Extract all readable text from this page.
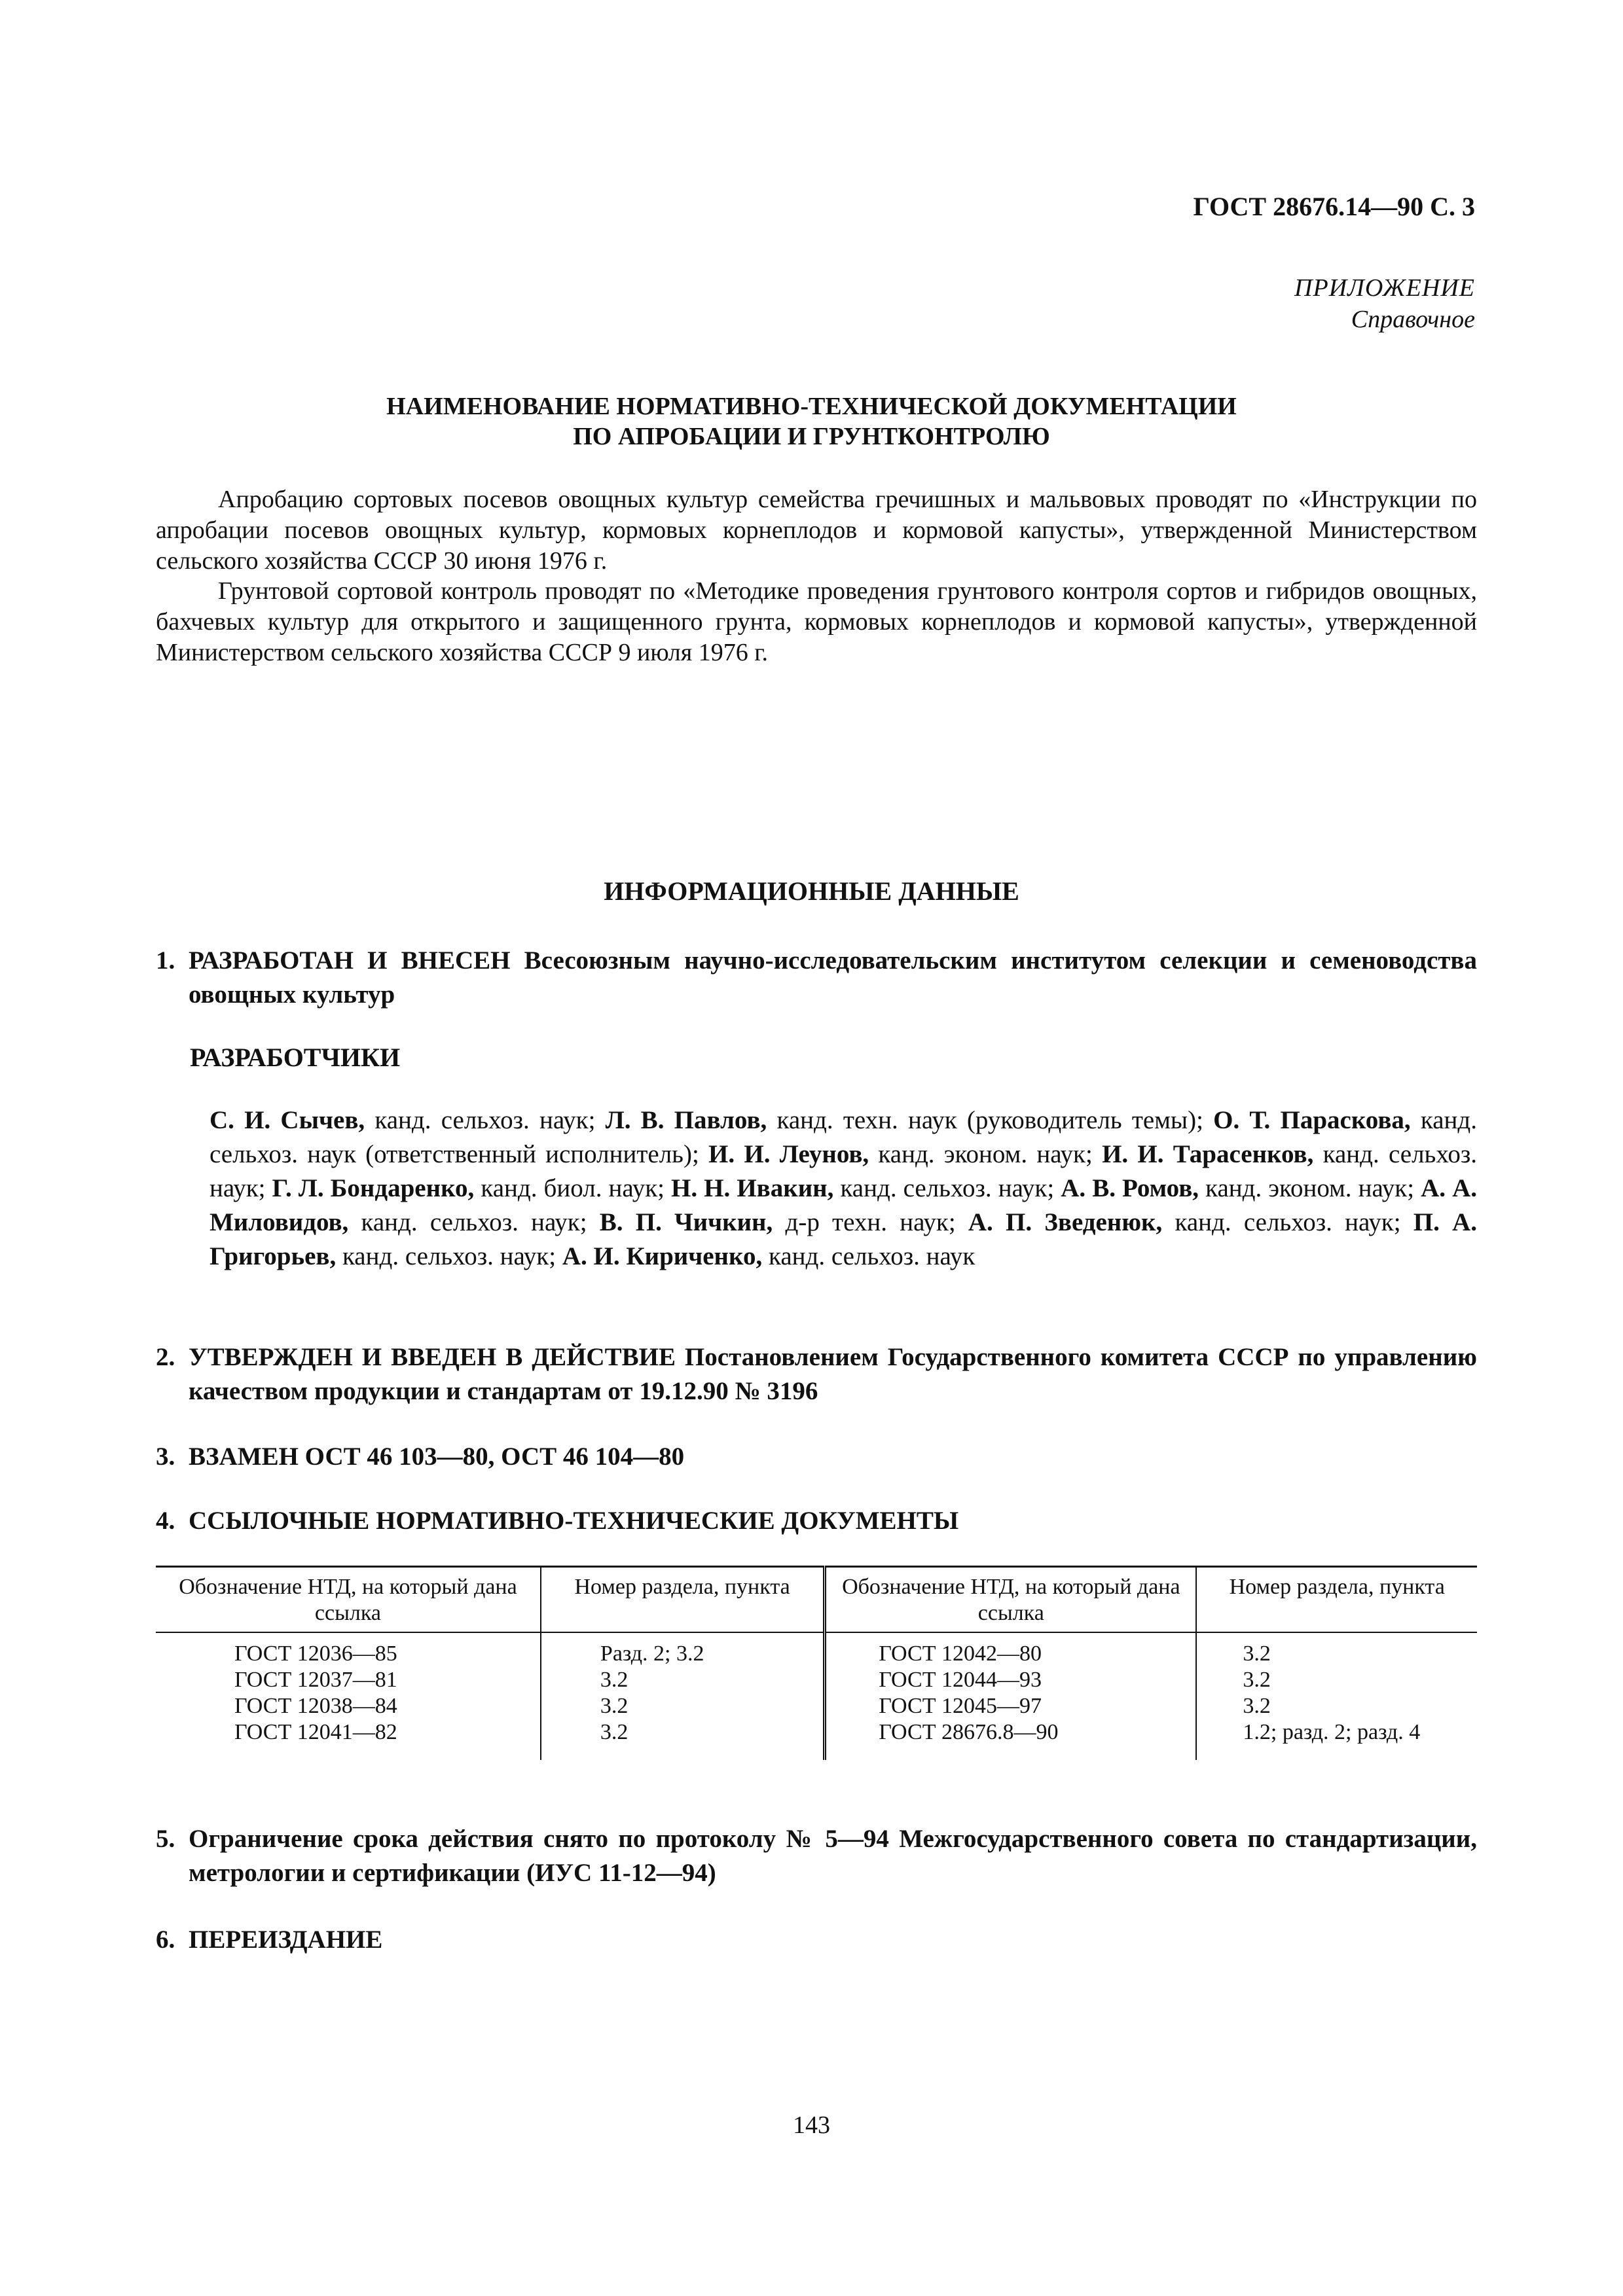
ГОСТ 28676.14—90 С. 3
ПРИЛОЖЕНИЕ
Справочное
НАИМЕНОВАНИЕ НОРМАТИВНО-ТЕХНИЧЕСКОЙ ДОКУМЕНТАЦИИ
ПО АПРОБАЦИИ И ГРУНТКОНТРОЛЮ
Апробацию сортовых посевов овощных культур семейства гречишных и мальвовых проводят по «Инструкции по апробации посевов овощных культур, кормовых корнеплодов и кормовой капусты», утвержденной Министерством сельского хозяйства СССР 30 июня 1976 г.
Грунтовой сортовой контроль проводят по «Методике проведения грунтового контроля сортов и гибридов овощных, бахчевых культур для открытого и защищенного грунта, кормовых корнеплодов и кормовой капусты», утвержденной Министерством сельского хозяйства СССР 9 июля 1976 г.
ИНФОРМАЦИОННЫЕ ДАННЫЕ
1. РАЗРАБОТАН И ВНЕСЕН Всесоюзным научно-исследовательским институтом селекции и семеноводства овощных культур
РАЗРАБОТЧИКИ
С. И. Сычев, канд. сельхоз. наук; Л. В. Павлов, канд. техн. наук (руководитель темы); О. Т. Параскова, канд. сельхоз. наук (ответственный исполнитель); И. И. Леунов, канд. эконом. наук; И. И. Тарасенков, канд. сельхоз. наук; Г. Л. Бондаренко, канд. биол. наук; Н. Н. Ивакин, канд. сельхоз. наук; А. В. Ромов, канд. эконом. наук; А. А. Миловидов, канд. сельхоз. наук; В. П. Чичкин, д-р техн. наук; А. П. Зведенюк, канд. сельхоз. наук; П. А. Григорьев, канд. сельхоз. наук; А. И. Кириченко, канд. сельхоз. наук
2. УТВЕРЖДЕН И ВВЕДЕН В ДЕЙСТВИЕ Постановлением Государственного комитета СССР по управлению качеством продукции и стандартам от 19.12.90 № 3196
3. ВЗАМЕН ОСТ 46 103—80, ОСТ 46 104—80
4. ССЫЛОЧНЫЕ НОРМАТИВНО-ТЕХНИЧЕСКИЕ ДОКУМЕНТЫ
Обозначение НТД, на который дана ссылка	Номер раздела, пункта	Обозначение НТД, на который дана ссылка	Номер раздела, пункта
ГОСТ 12036—85	Разд. 2; 3.2	ГОСТ 12042—80	3.2
ГОСТ 12037—81	3.2	ГОСТ 12044—93	3.2
ГОСТ 12038—84	3.2	ГОСТ 12045—97	3.2
ГОСТ 12041—82	3.2	ГОСТ 28676.8—90	1.2; разд. 2; разд. 4
5. Ограничение срока действия снято по протоколу № 5—94 Межгосударственного совета по стандартизации, метрологии и сертификации (ИУС 11-12—94)
6. ПЕРЕИЗДАНИЕ
143
